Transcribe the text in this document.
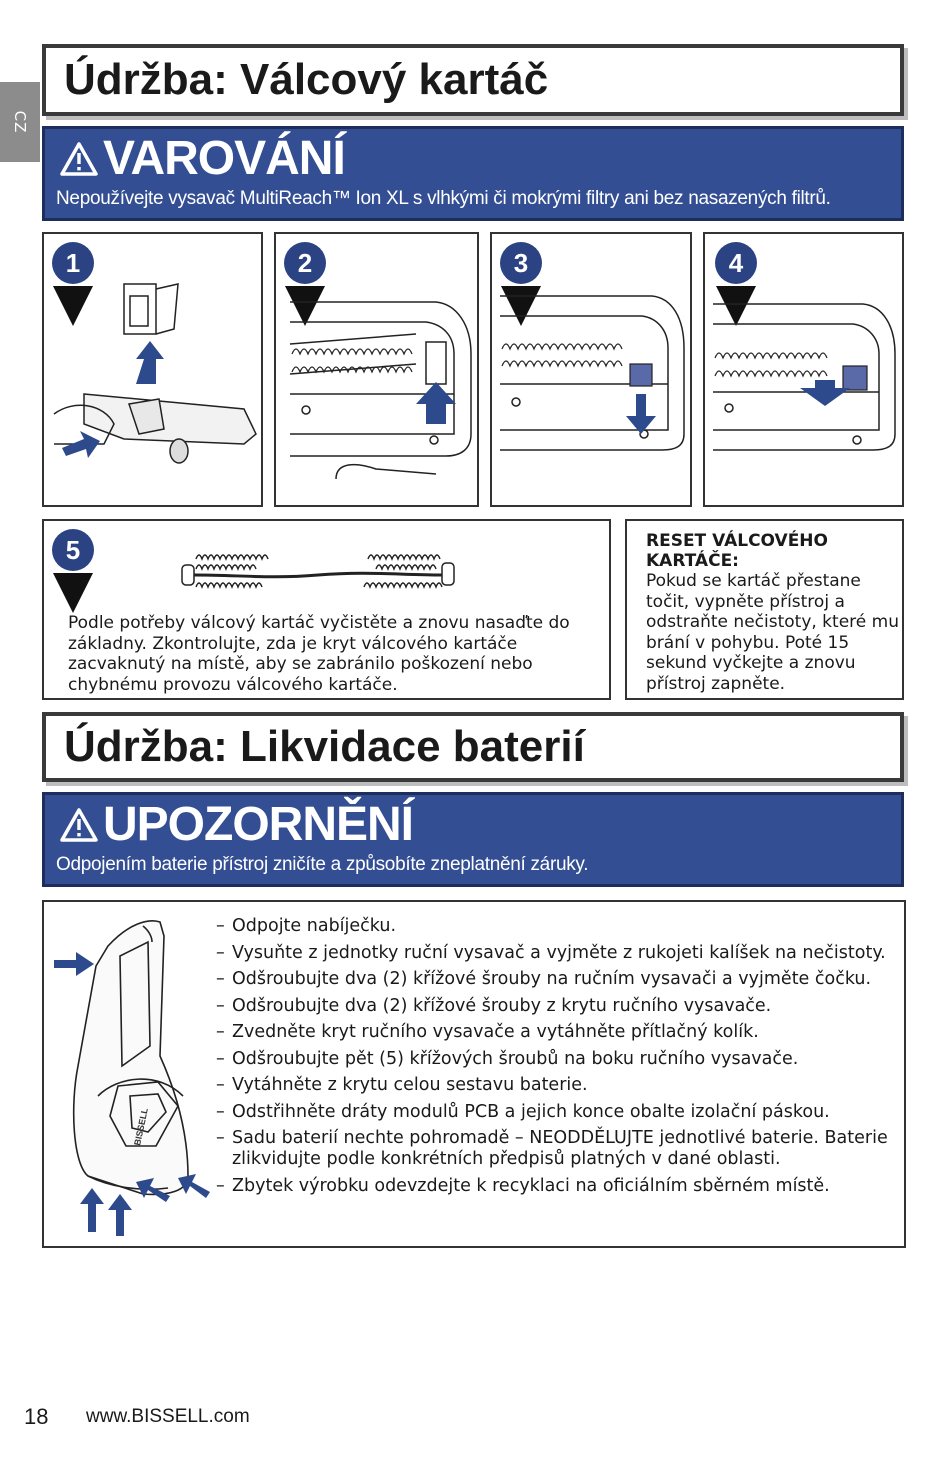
CZ
Údržba: Válcový kartáč
VAROVÁNÍ
Nepoužívejte vysavač MultiReach™ Ion XL s vlhkými či mokrými filtry ani bez nasazených filtrů.
1	2	3	4
5
Podle potřeby válcový kartáč vyčistěte a znovu nasaďte do základny. Zkontrolujte, zda je kryt válcového kartáče zacvaknutý na místě, aby se zabránilo poškození nebo chybnému provozu válcového kartáče.
RESET VÁLCOVÉHO KARTÁČE:
Pokud se kartáč přestane točit, vypněte přístroj a odstraňte nečistoty, které mu brání v pohybu. Poté 15 sekund vyčkejte a znovu přístroj zapněte.
Údržba: Likvidace baterií
UPOZORNĚNÍ
Odpojením baterie přístroj zničíte a způsobíte zneplatnění záruky.
BISSELL
– Odpojte nabíječku.
– Vysuňte z jednotky ruční vysavač a vyjměte z rukojeti kalíšek na nečistoty.
– Odšroubujte dva (2) křížové šrouby na ručním vysavači a vyjměte čočku.
– Odšroubujte dva (2) křížové šrouby z krytu ručního vysavače.
– Zvedněte kryt ručního vysavače a vytáhněte přítlačný kolík.
– Odšroubujte pět (5) křížových šroubů na boku ručního vysavače.
– Vytáhněte z krytu celou sestavu baterie.
– Odstřihněte dráty modulů PCB a jejich konce obalte izolační páskou.
– Sadu baterií nechte pohromadě – NEODDĚLUJTE jednotlivé baterie. Baterie zlikvidujte podle konkrétních předpisů platných v dané oblasti.
– Zbytek výrobku odevzdejte k recyklaci na oficiálním sběrném místě.
18 www.BISSELL.com
